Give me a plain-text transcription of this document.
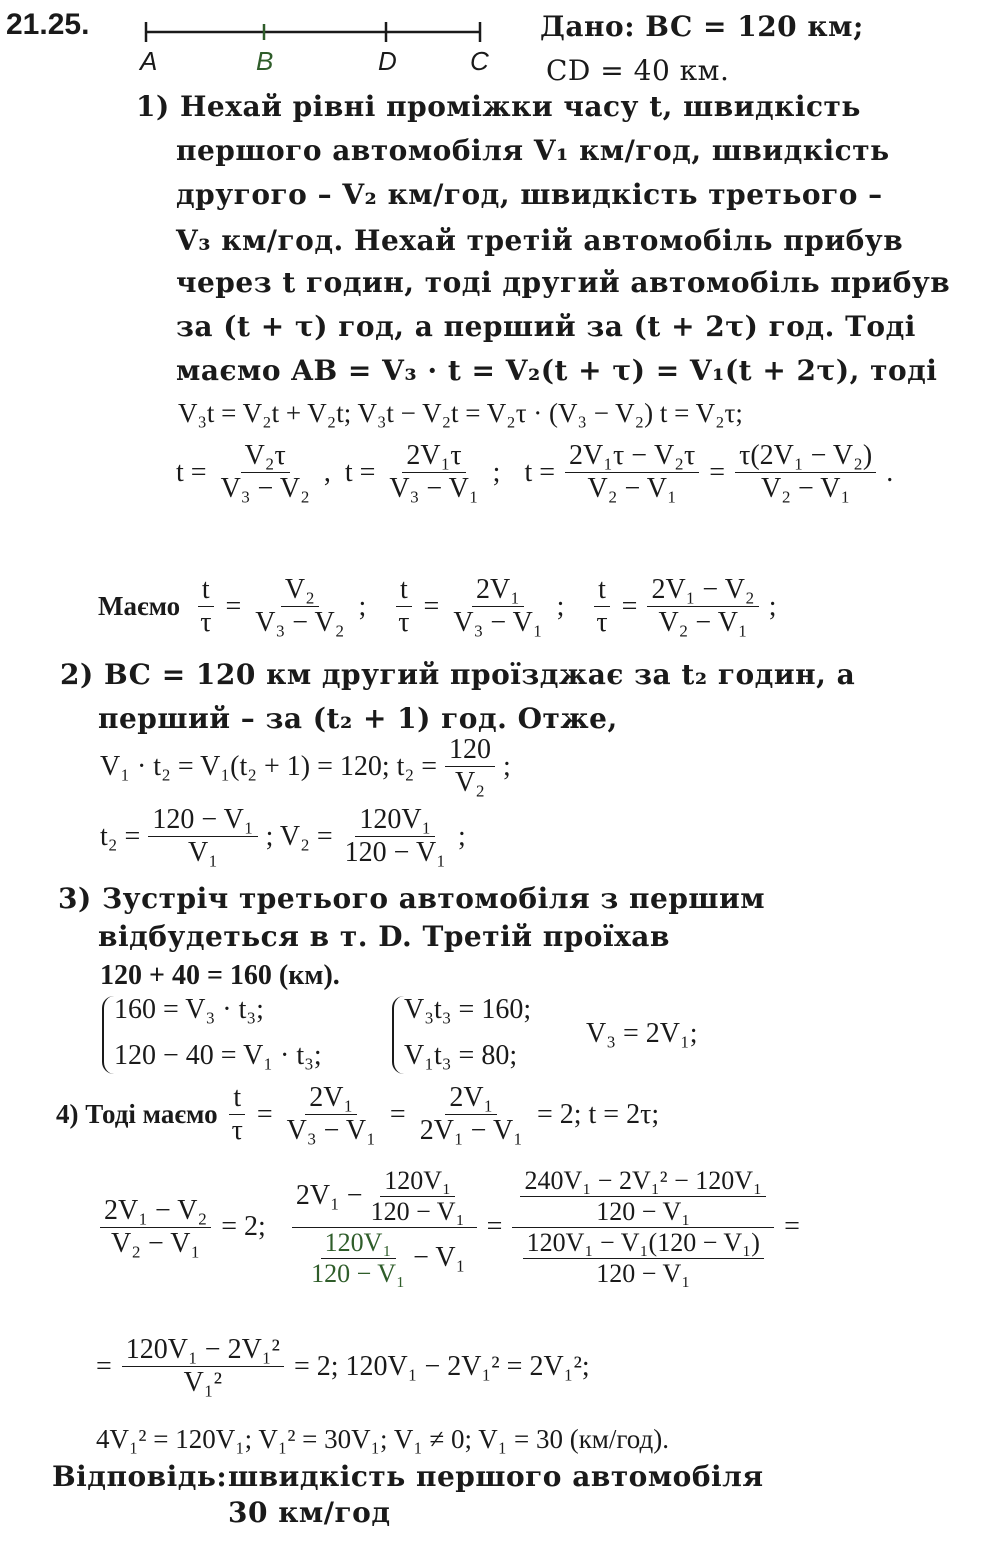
21.25.
A	B	D	C
Дано: BC = 120 км;
CD = 40 км.
1) Нехай рівні проміжки часу t, швидкість
першого автомобіля V₁ км/год, швидкість
другого – V₂ км/год, швидкість третього –
V₃ км/год. Нехай третій автомобіль прибув
через t годин, тоді другий автомобіль прибув
за (t + τ) год, а перший за (t + 2τ) год. Тоді
маємо AB = V₃ · t = V₂(t + τ) = V₁(t + 2τ), тоді
V₃t = V₂t + V₂t; V₃t − V₂t = V₂τ · (V₃ − V₂) t = V₂τ;
$t = \frac{\text{V₂τ}}{\text{V₃ − V₂}}$ , $t = \frac{\text{2V₁τ}}{\text{V₃ − V₁}}$ ; $t = \frac{\text{2V₁τ − V₂τ}}{\text{V₂ − V₁}} = \frac{\text{τ(2V₁ − V₂)}}{\text{V₂ − V₁}}$ .
Маємо $\frac{t}{\tau} = \frac{\text{V₂}}{\text{V₃ − V₂}}$ ; $\frac{t}{\tau} = \frac{\text{2V₁}}{\text{V₃ − V₁}}$ ; $\frac{t}{\tau} = \frac{\text{2V₁ − V₂}}{\text{V₂ − V₁}}$ ;
2) BC = 120 км другий проїзджає за t₂ годин, а
перший – за (t₂ + 1) год. Отже,
V₁ · t₂ = V₁(t₂ + 1) = 120; $t_2 = \frac{120}{\text{V₂}}$ ;
$t_2 = \frac{\text{120 − V₁}}{\text{V₁}}$ ; $V_2 = \frac{\text{120V₁}}{\text{120 − V₁}}$ ;
3) Зустріч третього автомобіля з першим
відбудеться в т. D. Третій проїхав
120 + 40 = 160 (км).
160 = V₃ · t₃;
120 − 40 = V₁ · t₃;
V₃t₃ = 160;
V₁t₃ = 80;
V₃ = 2V₁;
4) Тоді маємо $\frac{t}{\tau} = \frac{\text{2V₁}}{\text{V₃ − V₁}} = \frac{\text{2V₁}}{\text{2V₁ − V₁}} = 2$; t = 2τ;
$\frac{\text{2V₁ − V₂}}{\text{V₂ − V₁}} = 2$; $\frac{2V_1 - \frac{\text{120V₁}}{\text{120 − V₁}}}{\frac{\text{120V₁}}{\text{120 − V₁}} - V_1} = \frac{\frac{\text{240V₁ − 2V₁² − 120V₁}}{\text{120 − V₁}}}{\frac{\text{120V₁ − V₁(120 − V₁)}}{\text{120 − V₁}}}$ =
= $\frac{\text{120V₁ − 2V₁²}}{\text{V₁²}} = 2$; 120V₁ − 2V₁² = 2V₁²;
4V₁² = 120V₁; V₁² = 30V₁; V₁ ≠ 0; V₁ = 30 (км/год).
Відповідь: швидкість першого автомобіля
30 км/год
